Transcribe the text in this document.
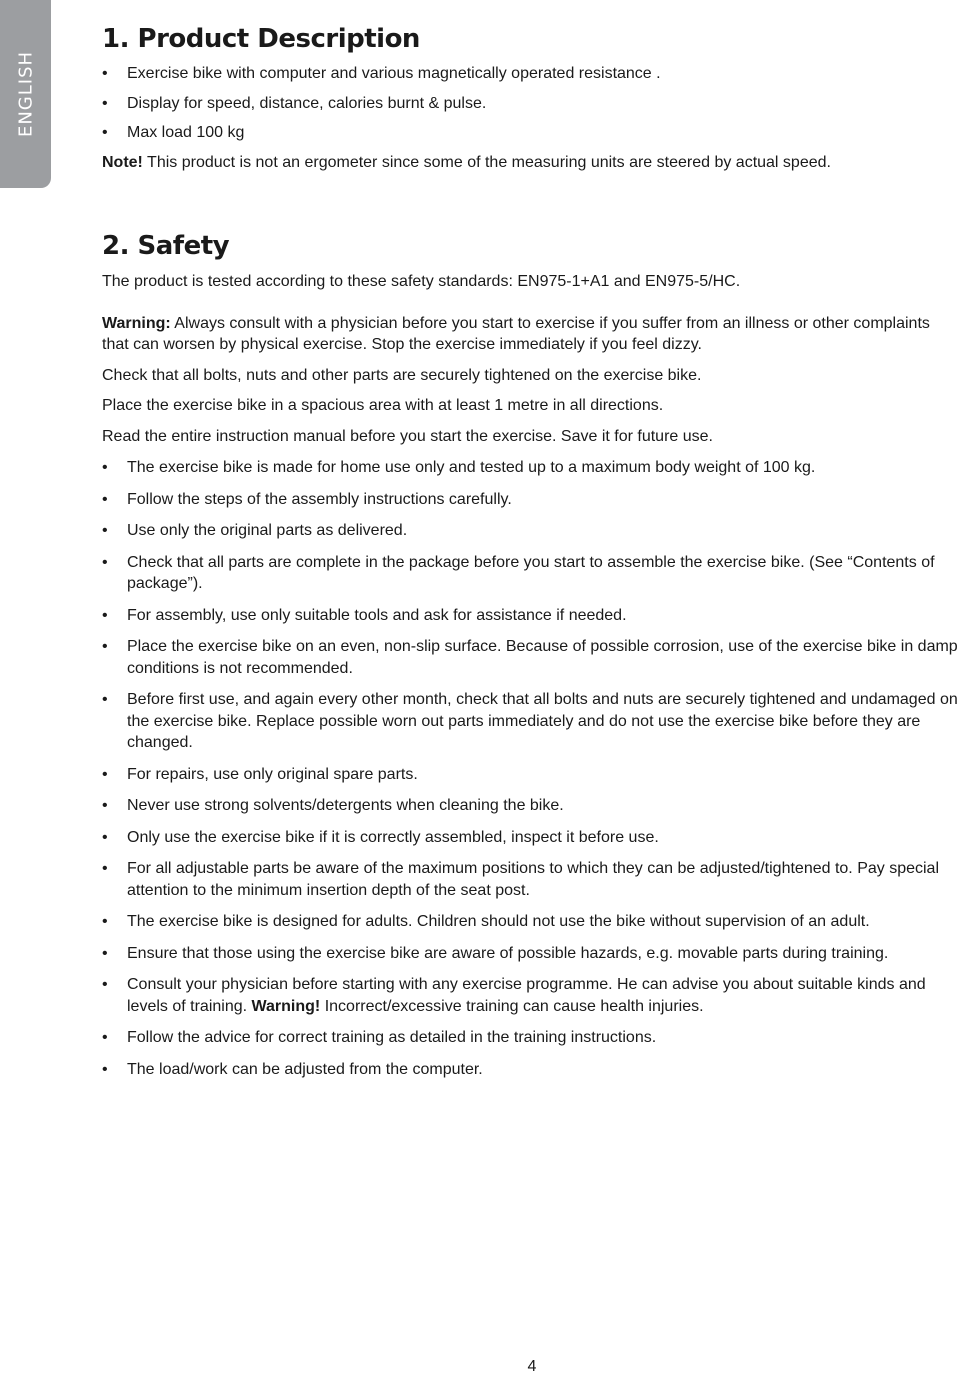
ENGLISH
1. Product Description
• Exercise bike with computer and various magnetically operated resistance .
• Display for speed, distance, calories burnt & pulse.
• Max load 100 kg

Note! This product is not an ergometer since some of the measuring units are steered by actual speed.

2. Safety

The product is tested according to these safety standards: EN975-1+A1 and EN975-5/HC.

Warning: Always consult with a physician before you start to exercise if you suffer from an illness or other complaints that can worsen by physical exercise. Stop the exercise immediately if you feel dizzy.

Check that all bolts, nuts and other parts are securely tightened on the exercise bike.

Place the exercise bike in a spacious area with at least 1 metre in all directions.

Read the entire instruction manual before you start the exercise. Save it for future use.

• The exercise bike is made for home use only and tested up to a maximum body weight of 100 kg.
• Follow the steps of the assembly instructions carefully.
• Use only the original parts as delivered.
• Check that all parts are complete in the package before you start to assemble the exercise bike. (See “Contents of package”).
• For assembly, use only suitable tools and ask for assistance if needed.
• Place the exercise bike on an even, non-slip surface. Because of possible corrosion, use of the exercise bike in damp conditions is not recommended.
• Before first use, and again every other month, check that all bolts and nuts are securely tightened and undamaged on the exercise bike. Replace possible worn out parts immediately and do not use the exercise bike before they are changed.
• For repairs, use only original spare parts.
• Never use strong solvents/detergents when cleaning the bike.
• Only use the exercise bike if it is correctly assembled, inspect it before use.
• For all adjustable parts be aware of the maximum positions to which they can be adjusted/tightened to. Pay special attention to the minimum insertion depth of the seat post.
• The exercise bike is designed for adults. Children should not use the bike without supervision of an adult.
• Ensure that those using the exercise bike are aware of possible hazards, e.g. movable parts during training.
• Consult your physician before starting with any exercise programme. He can advise you about suitable kinds and levels of training. Warning! Incorrect/excessive training can cause health injuries.
• Follow the advice for correct training as detailed in the training instructions.
• The load/work can be adjusted from the computer.
4
